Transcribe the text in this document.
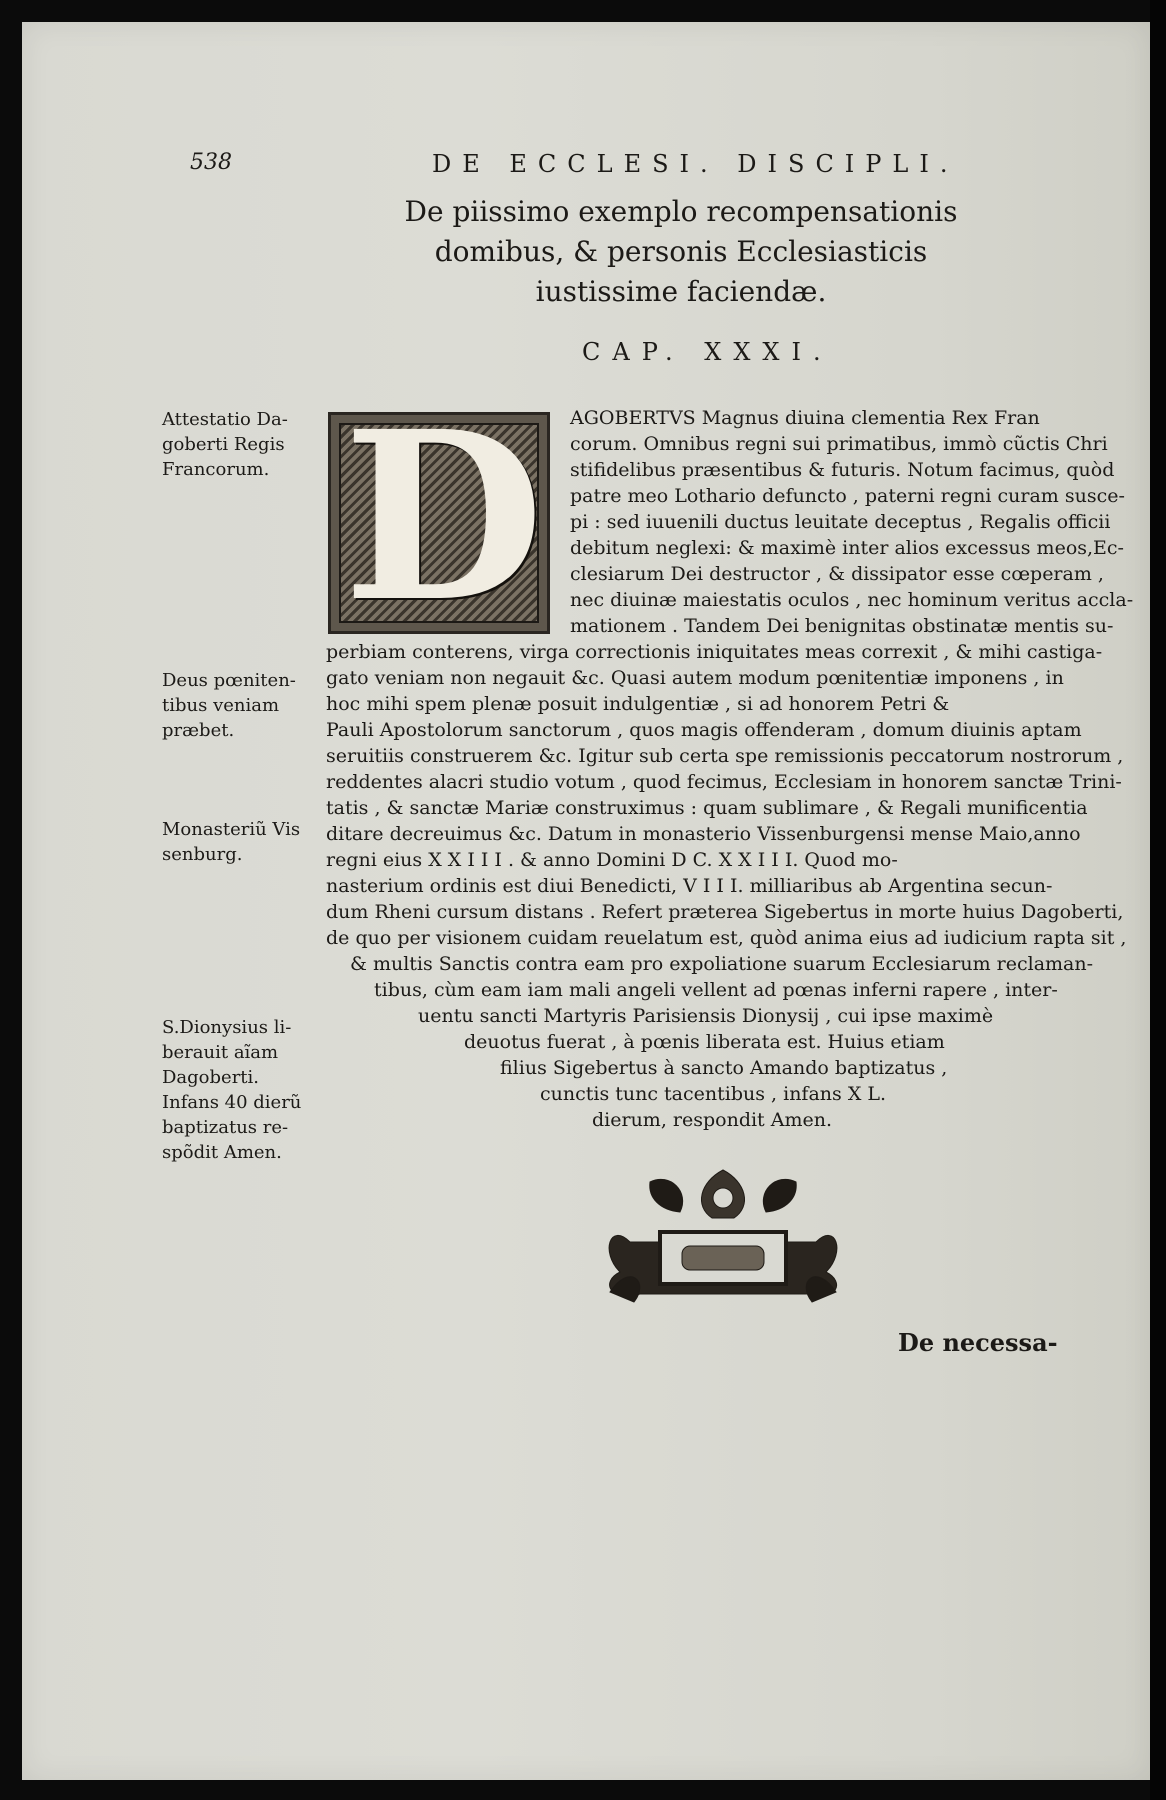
538	DE ECCLESI. DISCIPLI.
De piissimo exemplo recompensationis
domibus, & personis Ecclesiasticis
iustissime faciendæ.
CAP. XXXI.
Attestatio Da- goberti Regis Francorum.
Deus pœniten- tibus veniam præbet.
Monasteriũ Vis senburg.
S.Dionysius li- berauit aĩam Dagoberti. Infans 40 dierũ baptizatus re- spõdit Amen.
D AGOBERTVS Magnus diuina clementia Rex Fran
corum. Omnibus regni sui primatibus, immò cũctis Chri
stifidelibus præsentibus & futuris. Notum facimus, quòd
patre meo Lothario defuncto , paterni regni curam susce-
pi : sed iuuenili ductus leuitate deceptus , Regalis officii
debitum neglexi: & maximè inter alios excessus meos,Ec-
clesiarum Dei destructor , & dissipator esse cœperam ,
nec diuinæ maiestatis oculos , nec hominum veritus accla-
mationem . Tandem Dei benignitas obstinatæ mentis su-
perbiam conterens, virga correctionis iniquitates meas correxit , & mihi castiga-
gato veniam non negauit &c. Quasi autem modum pœnitentiæ imponens , in
hoc mihi spem plenæ posuit indulgentiæ , si ad honorem Petri &
Pauli Apostolorum sanctorum , quos magis offenderam , domum diuinis aptam
seruitiis construerem &c. Igitur sub certa spe remissionis peccatorum nostrorum ,
reddentes alacri studio votum , quod fecimus, Ecclesiam in honorem sanctæ Trini-
tatis , & sanctæ Mariæ construximus : quam sublimare , & Regali munificentia
ditare decreuimus &c. Datum in monasterio Vissenburgensi mense Maio,anno
regni eius X X I I I . & anno Domini D C. X X I I I. Quod mo-
nasterium ordinis est diui Benedicti, V I I I. milliaribus ab Argentina secun-
dum Rheni cursum distans . Refert præterea Sigebertus in morte huius Dagoberti,
de quo per visionem cuidam reuelatum est, quòd anima eius ad iudicium rapta sit ,
& multis Sanctis contra eam pro expoliatione suarum Ecclesiarum reclaman-
tibus, cùm eam iam mali angeli vellent ad pœnas inferni rapere , inter-
uentu sancti Martyris Parisiensis Dionysij , cui ipse maximè
deuotus fuerat , à pœnis liberata est. Huius etiam
filius Sigebertus à sancto Amando baptizatus ,
cunctis tunc tacentibus , infans X L.
dierum, respondit Amen.
De necessa-
